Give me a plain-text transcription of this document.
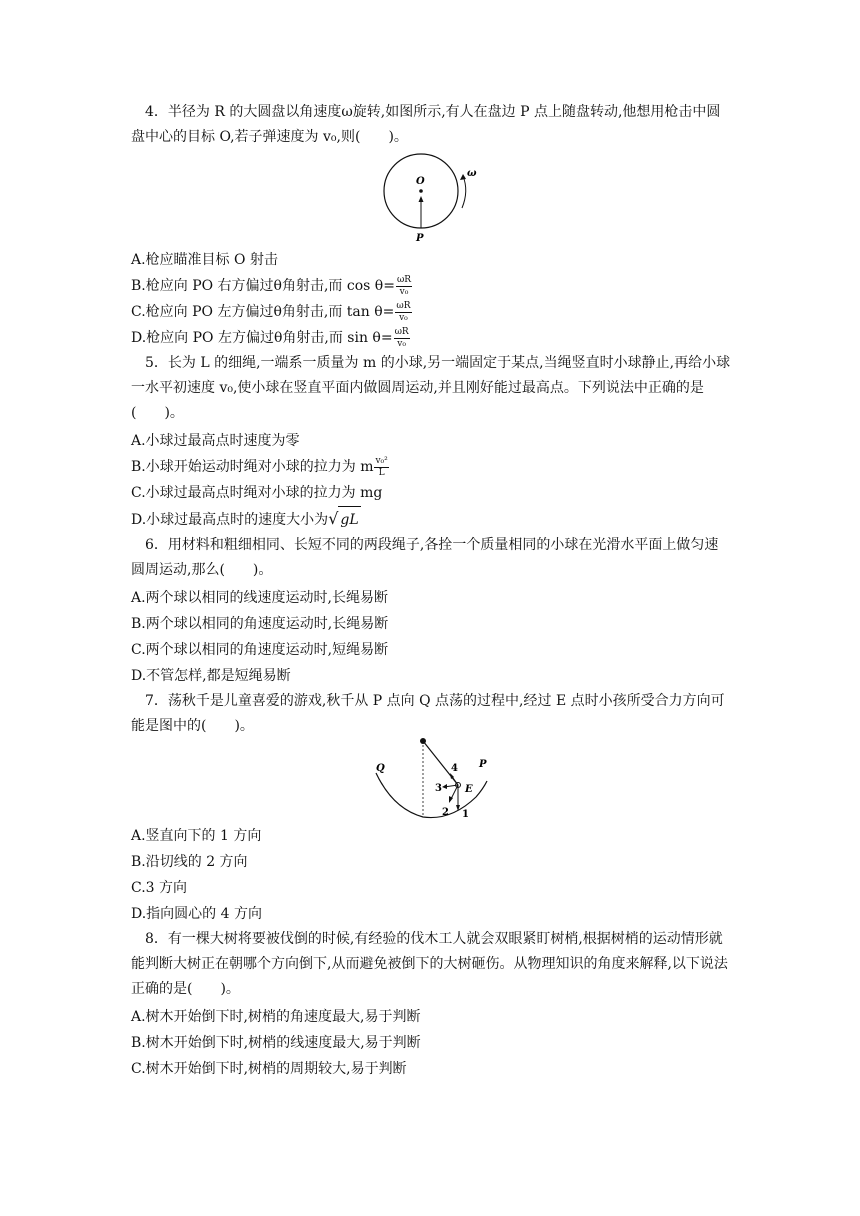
4．半径为 R 的大圆盘以角速度ω旋转,如图所示,有人在盘边 P 点上随盘转动,他想用枪击中圆盘中心的目标 O,若子弹速度为 v₀,则(　　)。

O
P
ω

A.枪应瞄准目标 O 射击

B.枪应向 PO 右方偏过θ角射击,而 $\cos \theta= \frac{\omega R}{\text{v₀}}$

C.枪应向 PO 左方偏过θ角射击,而 $\tan \theta= \frac{\omega R}{\text{v₀}}$

D.枪应向 PO 左方偏过θ角射击,而 $\sin \theta= \frac{\omega R}{\text{v₀}}$

5．长为 L 的细绳,一端系一质量为 m 的小球,另一端固定于某点,当绳竖直时小球静止,再给小球一水平初速度 v₀,使小球在竖直平面内做圆周运动,并且刚好能过最高点。下列说法中正确的是(　　)。

A.小球过最高点时速度为零

B.小球开始运动时绳对小球的拉力为 m $\frac{\text{v₀²}}{L}$

C.小球过最高点时绳对小球的拉力为 mg

D.小球过最高点时的速度大小为√ gL

6．用材料和粗细相同、长短不同的两段绳子,各拴一个质量相同的小球在光滑水平面上做匀速圆周运动,那么(　　)。

A.两个球以相同的线速度运动时,长绳易断

B.两个球以相同的角速度运动时,长绳易断

C.两个球以相同的角速度运动时,短绳易断

D.不管怎样,都是短绳易断

7．荡秋千是儿童喜爱的游戏,秋千从 P 点向 Q 点荡的过程中,经过 E 点时小孩所受合力方向可能是图中的(　　)。

Q	P
E
1
2
3
4

A.竖直向下的 1 方向

B.沿切线的 2 方向

C.3 方向

D.指向圆心的 4 方向

8．有一棵大树将要被伐倒的时候,有经验的伐木工人就会双眼紧盯树梢,根据树梢的运动情形就能判断大树正在朝哪个方向倒下,从而避免被倒下的大树砸伤。从物理知识的角度来解释,以下说法正确的是(　　)。

A.树木开始倒下时,树梢的角速度最大,易于判断

B.树木开始倒下时,树梢的线速度最大,易于判断

C.树木开始倒下时,树梢的周期较大,易于判断
